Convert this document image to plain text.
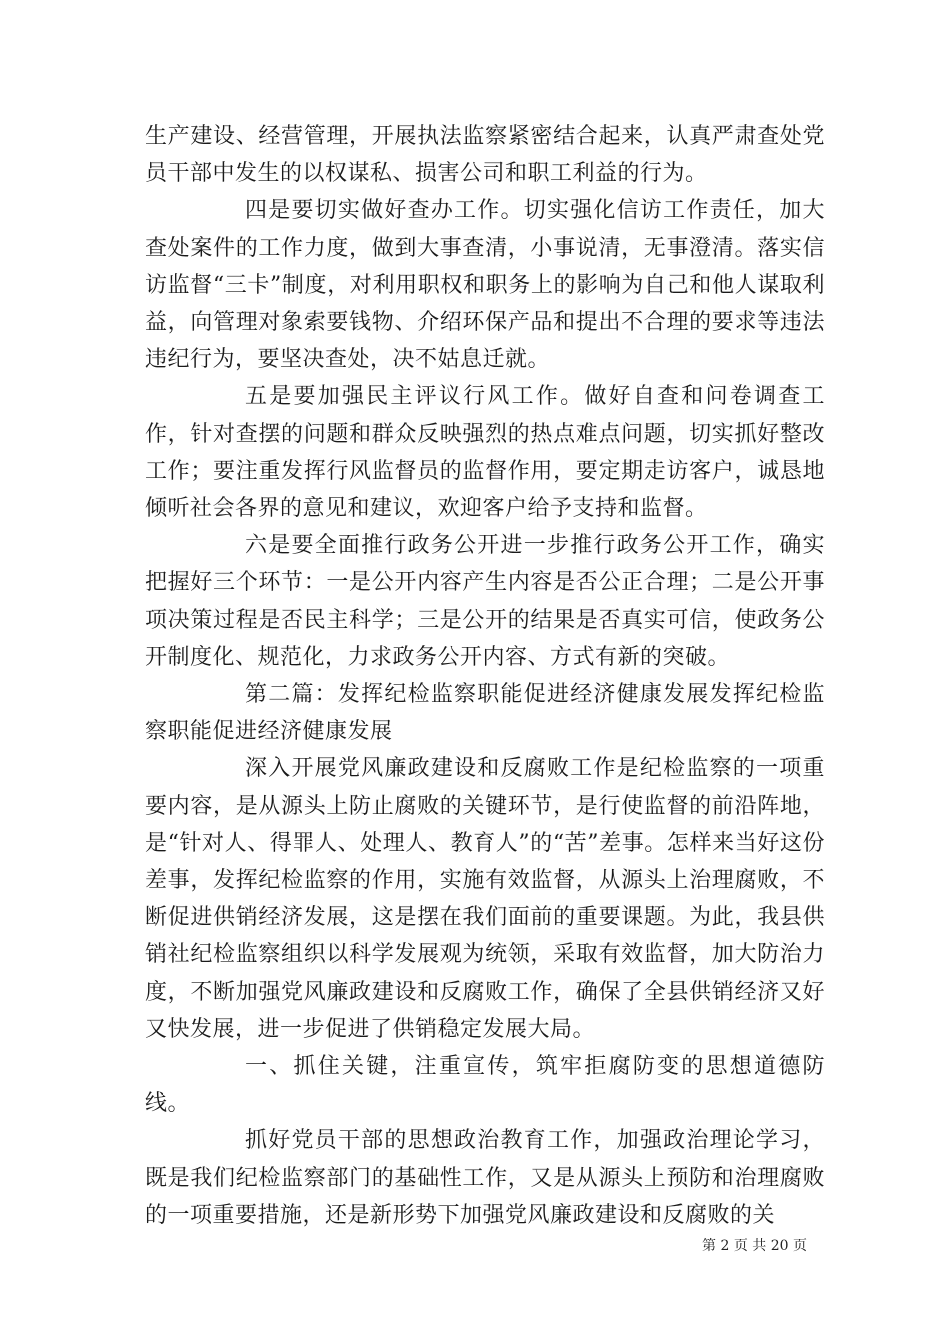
生产建设、经营管理，开展执法监察紧密结合起来，认真严肃查处党员干部中发生的以权谋私、损害公司和职工利益的行为。

四是要切实做好查办工作。切实强化信访工作责任，加大查处案件的工作力度，做到大事查清，小事说清，无事澄清。落实信访监督“三卡”制度，对利用职权和职务上的影响为自己和他人谋取利益，向管理对象索要钱物、介绍环保产品和提出不合理的要求等违法违纪行为，要坚决查处，决不姑息迁就。

五是要加强民主评议行风工作。做好自查和问卷调查工作，针对查摆的问题和群众反映强烈的热点难点问题，切实抓好整改工作；要注重发挥行风监督员的监督作用，要定期走访客户，诚恳地倾听社会各界的意见和建议，欢迎客户给予支持和监督。

六是要全面推行政务公开进一步推行政务公开工作，确实把握好三个环节：一是公开内容产生内容是否公正合理；二是公开事项决策过程是否民主科学；三是公开的结果是否真实可信，使政务公开制度化、规范化，力求政务公开内容、方式有新的突破。

第二篇：发挥纪检监察职能促进经济健康发展发挥纪检监察职能促进经济健康发展

深入开展党风廉政建设和反腐败工作是纪检监察的一项重要内容，是从源头上防止腐败的关键环节，是行使监督的前沿阵地，是“针对人、得罪人、处理人、教育人”的“苦”差事。怎样来当好这份差事，发挥纪检监察的作用，实施有效监督，从源头上治理腐败，不断促进供销经济发展，这是摆在我们面前的重要课题。为此，我县供销社纪检监察组织以科学发展观为统领，采取有效监督，加大防治力度，不断加强党风廉政建设和反腐败工作，确保了全县供销经济又好又快发展，进一步促进了供销稳定发展大局。

一、抓住关键，注重宣传，筑牢拒腐防变的思想道德防线。

抓好党员干部的思想政治教育工作，加强政治理论学习，既是我们纪检监察部门的基础性工作，又是从源头上预防和治理腐败的一项重要措施，还是新形势下加强党风廉政建设和反腐败的关

第 2 页 共 20 页
